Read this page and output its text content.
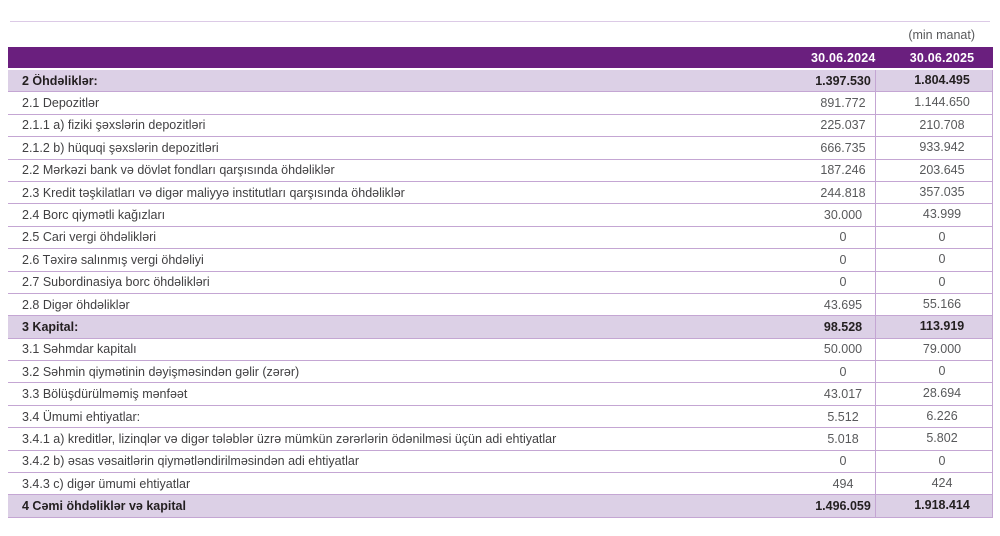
(min manat)
30.06.2024	30.06.2025
2 Öhdəliklər:	1.397.530	1.804.495
2.1 Depozitlər	891.772	1.144.650
2.1.1 a) fiziki şəxslərin depozitləri	225.037	210.708
2.1.2 b) hüquqi şəxslərin depozitləri	666.735	933.942
2.2 Mərkəzi bank və dövlət fondları qarşısında öhdəliklər	187.246	203.645
2.3 Kredit təşkilatları və digər maliyyə institutları qarşısında öhdəliklər	244.818	357.035
2.4 Borc qiymətli kağızları	30.000	43.999
2.5 Cari vergi öhdəlikləri	0	0
2.6 Təxirə salınmış vergi öhdəliyi	0	0
2.7 Subordinasiya borc öhdəlikləri	0	0
2.8 Digər öhdəliklər	43.695	55.166
3 Kapital:	98.528	113.919
3.1 Səhmdar kapitalı	50.000	79.000
3.2 Səhmin qiymətinin dəyişməsindən gəlir (zərər)	0	0
3.3 Bölüşdürülməmiş mənfəət	43.017	28.694
3.4 Ümumi ehtiyatlar:	5.512	6.226
3.4.1 a) kreditlər, lizinqlər və digər tələblər üzrə mümkün zərərlərin ödənilməsi üçün adi ehtiyatlar	5.018	5.802
3.4.2 b) əsas vəsaitlərin qiymətləndirilməsindən adi ehtiyatlar	0	0
3.4.3 c) digər ümumi ehtiyatlar	494	424
4 Cəmi öhdəliklər və kapital	1.496.059	1.918.414
